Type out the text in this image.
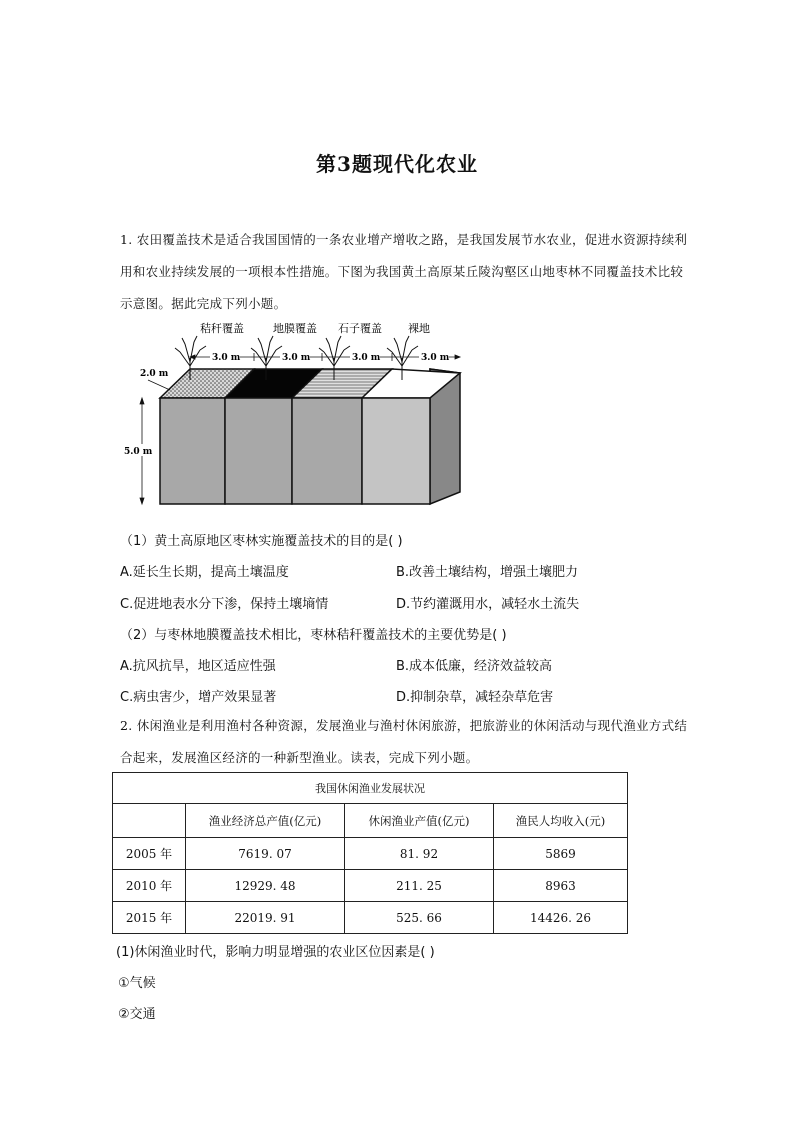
第3题现代化农业
1. 农田覆盖技术是适合我国国情的一条农业增产增收之路，是我国发展节水农业，促进水资源持续利用和农业持续发展的一项根本性措施。下图为我国黄土高原某丘陵沟壑区山地枣林不同覆盖技术比较示意图。据此完成下列小题。
秸秆覆盖	地膜覆盖 石子覆盖 裸地
3.0 m	3.0 m	3.0 m	3.0 m
2.0 m
5.0 m
（1）黄土高原地区枣林实施覆盖技术的目的是( )
A.延长生长期，提高土壤温度	B.改善土壤结构，增强土壤肥力
C.促进地表水分下渗，保持土壤墒情	D.节约灌溉用水，减轻水土流失
（2）与枣林地膜覆盖技术相比，枣林秸秆覆盖技术的主要优势是( )
A.抗风抗旱，地区适应性强	B.成本低廉，经济效益较高
C.病虫害少，增产效果显著	D.抑制杂草，减轻杂草危害
2. 休闲渔业是利用渔村各种资源，发展渔业与渔村休闲旅游，把旅游业的休闲活动与现代渔业方式结合起来，发展渔区经济的一种新型渔业。读表，完成下列小题。
我国休闲渔业发展状况			
	渔业经济总产值(亿元)	休闲渔业产值(亿元)	渔民人均收入(元)
2005 年	7619. 07	81. 92	5869
2010 年	12929. 48	211. 25	8963
2015 年	22019. 91	525. 66	14426. 26
(1)休闲渔业时代，影响力明显增强的农业区位因素是( )
①气候
②交通
